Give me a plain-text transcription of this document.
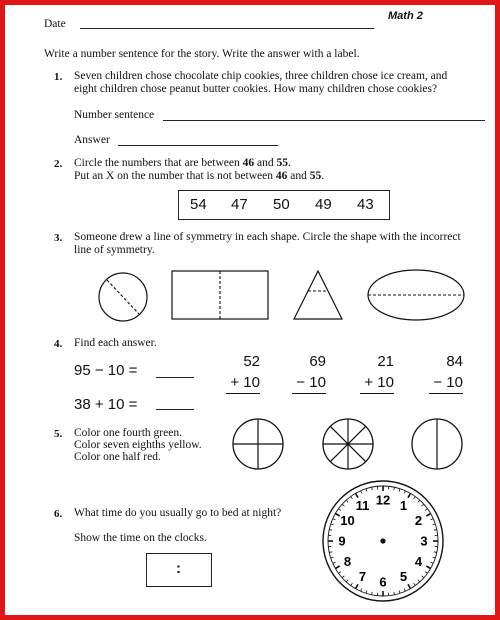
Date
Math 2
Write a number sentence for the story. Write the answer with a label.
1. Seven children chose chocolate chip cookies, three children chose ice cream, and
eight children chose peanut butter cookies. How many children chose cookies?
Number sentence
Answer
2. Circle the numbers that are between 46 and 55.
Put an X on the number that is not between 46 and 55.
54 47 50 49 43
3. Someone drew a line of symmetry in each shape. Circle the shape with the incorrect
line of symmetry.
4. Find each answer.
95 − 10 =
38 + 10 =
52
+ 10
69
− 10
21
+ 10
84
− 10
5. Color one fourth green.
Color seven eighths yellow.
Color one half red.
6. What time do you usually go to bed at night?
Show the time on the clocks.
:
12 1
2
3
4
5
6
7
8
9
10
11
